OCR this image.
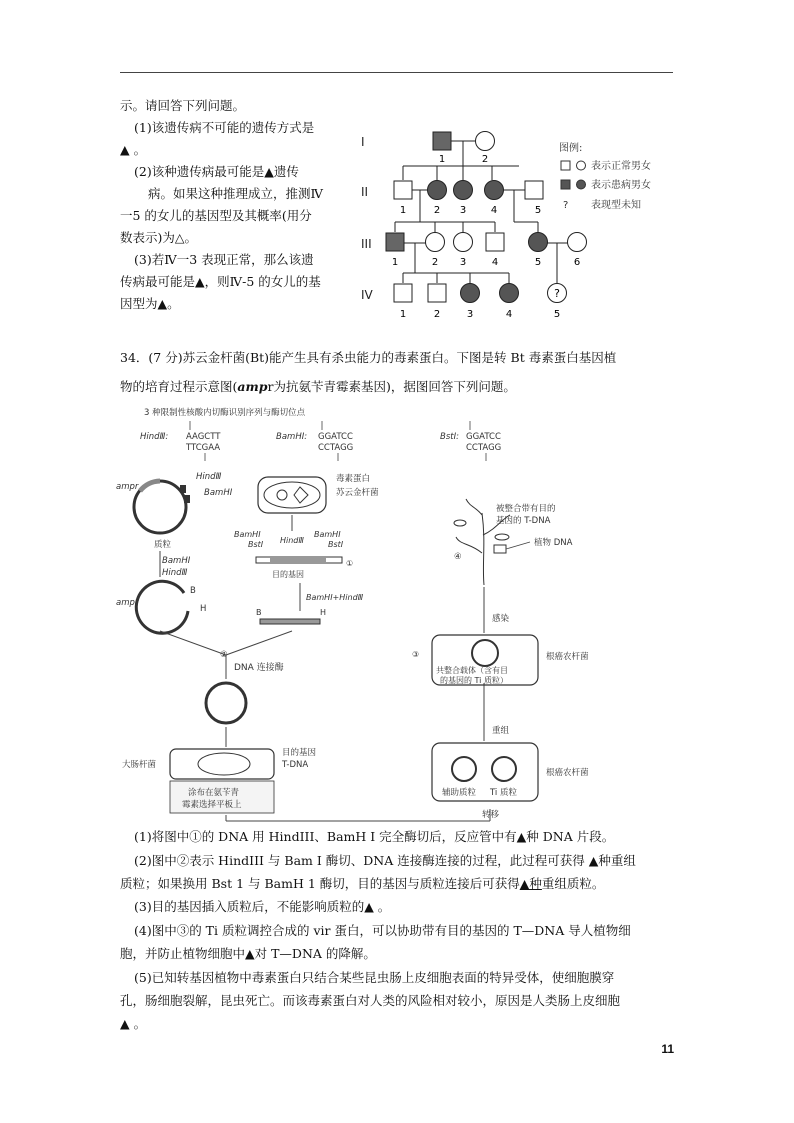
示。请回答下列问题。
(1)该遗传病不可能的遗传方式是
▲ 。
(2)该种遗传病最可能是▲遗传
病。如果这种推理成立，推测Ⅳ
一5 的女儿的基因型及其概率(用分
数表示)为△。
(3)若Ⅳ一3 表现正常，那么该遗
传病最可能是▲，则Ⅳ-5 的女儿的基
因型为▲。
I
II
III
IV
1	2
1	2 3 4	5
1	2 3	4	5	6
?
1	2	3	4	5
图例:
表示正常男女
表示患病男女
? 表现型未知
34．(7 分)苏云金杆菌(Bt)能产生具有杀虫能力的毒素蛋白。下图是转 Bt 毒素蛋白基因植
物的培育过程示意图(ampr为抗氨苄青霉素基因)，据图回答下列问题。
3 种限制性核酸内切酶识别序列与酶切位点
HindⅢ: AAGCTT
TTCGAA
BamHⅠ: GGATCC
CCTAGG
BstⅠ: GGATCC
CCTAGG
ampr
HindⅢ
BamHⅠ
质粒
BamHⅠ
HindⅢ
ampr
B
H
毒素蛋白
苏云金杆菌
BamHⅠ
BstⅠ HindⅢ
BamHⅠ
BstⅠ
①
目的基因
BamHⅠ+HindⅢ
B	H
②
DNA 连接酶
大肠杆菌
目的基因
T-DNA
涂布在氨苄青
霉素选择平板上
转移
辅助质粒 Ti 质粒
根癌农杆菌
重组
③
共整合载体（含有目
的基因的 Ti 质粒）
根癌农杆菌
感染
④
被整合带有目的
基因的 T-DNA
植物 DNA
(1)将图中①的 DNA 用 HindIII、BamH I 完全酶切后，反应管中有▲种 DNA 片段。
(2)图中②表示 HindIII 与 Bam I 酶切、DNA 连接酶连接的过程，此过程可获得 ▲种重组
质粒；如果换用 Bst 1 与 BamH 1 酶切，目的基因与质粒连接后可获得▲种重组质粒。
(3)目的基因插入质粒后，不能影响质粒的▲ 。
(4)图中③的 Ti 质粒调控合成的 vir 蛋白，可以协助带有目的基因的 T—DNA 导人植物细
胞，并防止植物细胞中▲对 T—DNA 的降解。
(5)已知转基因植物中毒素蛋白只结合某些昆虫肠上皮细胞表面的特异受体，使细胞膜穿
孔，肠细胞裂解，昆虫死亡。而该毒素蛋白对人类的风险相对较小，原因是人类肠上皮细胞
▲ 。
11
